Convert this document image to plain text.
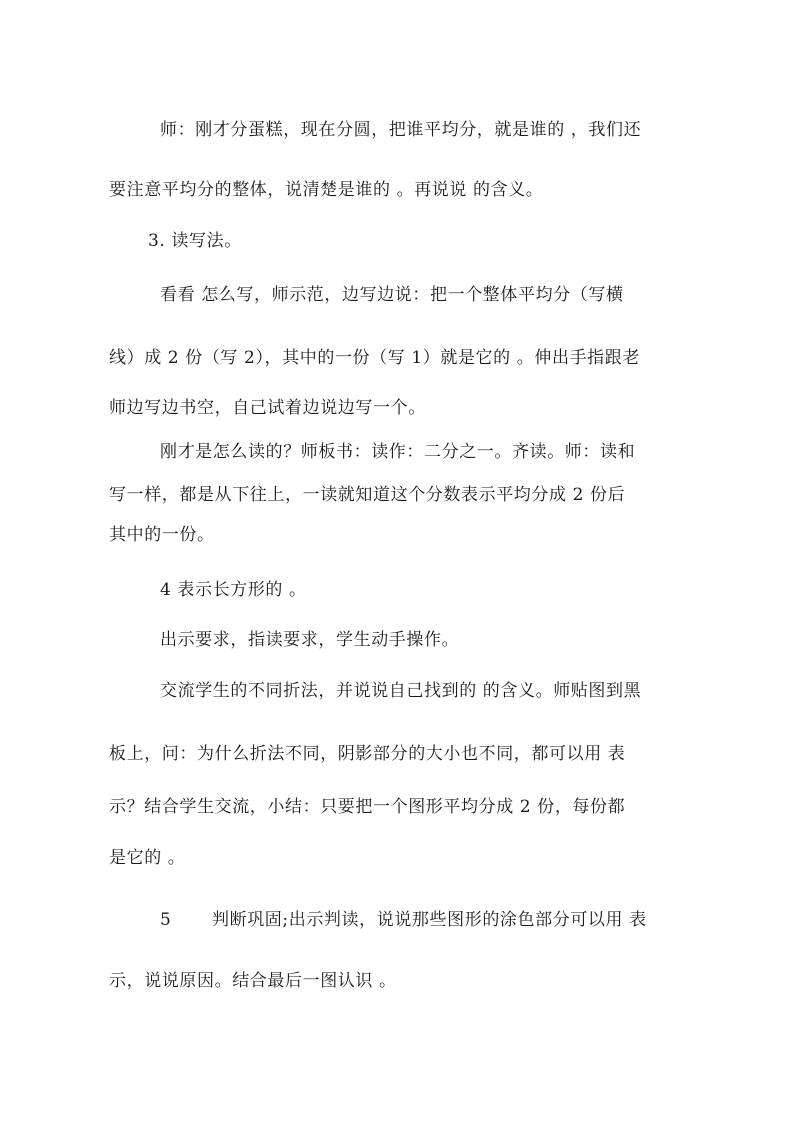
师：刚才分蛋糕，现在分圆，把谁平均分，就是谁的 ，我们还
要注意平均分的整体，说清楚是谁的 。再说说 的含义。
3. 读写法。
看看 怎么写，师示范，边写边说：把一个整体平均分（写横
线）成 2 份（写 2），其中的一份（写 1）就是它的 。伸出手指跟老
师边写边书空，自己试着边说边写一个。
刚才是怎么读的？师板书：读作：二分之一。齐读。师：读和
写一样，都是从下往上，一读就知道这个分数表示平均分成 2 份后
其中的一份。
4 表示长方形的 。
出示要求，指读要求，学生动手操作。
交流学生的不同折法，并说说自己找到的 的含义。师贴图到黑
板上，问：为什么折法不同，阴影部分的大小也不同，都可以用 表
示？结合学生交流，小结：只要把一个图形平均分成 2 份，每份都
是它的 。
5 判断巩固;出示判读，说说那些图形的涂色部分可以用 表
示，说说原因。结合最后一图认识 。
